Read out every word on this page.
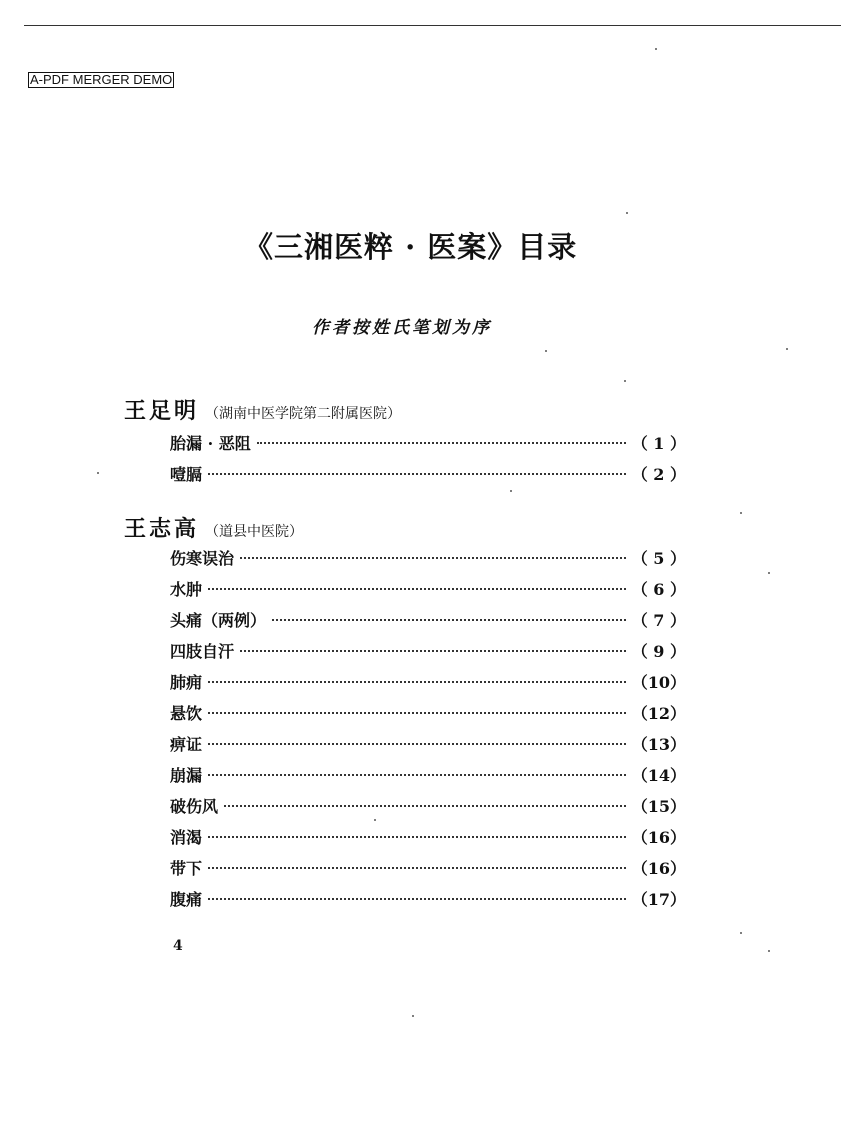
A-PDF MERGER DEMO
《三湘医粹 · 医案》目录
作者按姓氏笔划为序
王足明 （湖南中医学院第二附属医院）
胎漏 · 恶阻	（ 1 ）
噎膈	（ 2 ）
王志高 （道县中医院）
伤寒误治	（ 5 ）
水肿	（ 6 ）
头痛（两例）	（ 7 ）
四肢自汗	（ 9 ）
肺痈	（10）
悬饮	（12）
痹证	（13）
崩漏	（14）
破伤风	（15）
消渴	（16）
带下	（16）
腹痛	（17）
4
